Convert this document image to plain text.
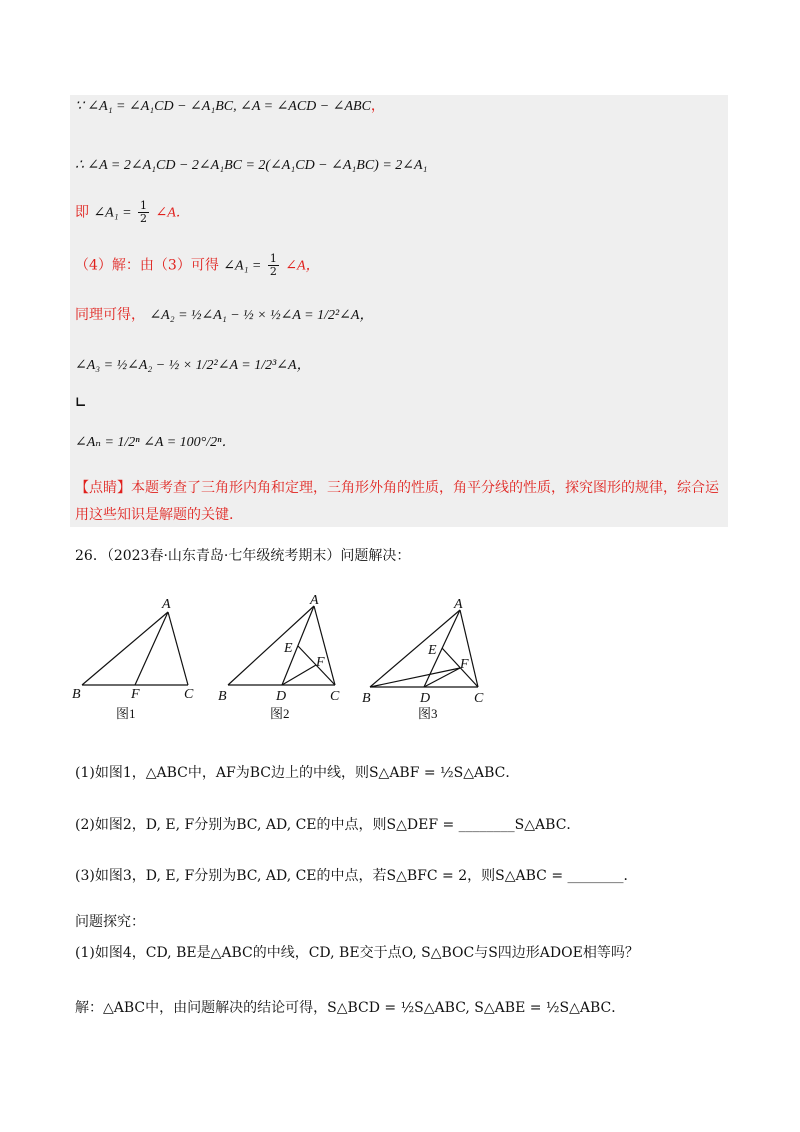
∵ ∠A₁ = ∠A₁CD − ∠A₁BC, ∠A = ∠ACD − ∠ABC，
∴ ∠A = 2∠A₁CD − 2∠A₁BC = 2(∠A₁CD − ∠A₁BC) = 2∠A₁
即 ∠A₁ = $\frac{1}{2}$ ∠A．
（4）解：由（3）可得 ∠A₁ = $\frac{1}{2}$ ∠A，
同理可得， ∠A₂ = ½∠A₁ − ½ × ½∠A = 1/2²∠A，
∠A₃ = ½∠A₂ − ½ × 1/2²∠A = 1/2³∠A，
∟
∠Aₙ = 1/2ⁿ ∠A = 100°/2ⁿ．
【点睛】本题考查了三角形内角和定理，三角形外角的性质，角平分线的性质，探究图形的规律，综合运
用这些知识是解题的关键.
26．（2023春·山东青岛·七年级统考期末）问题解决：
A
B	F	C
图1
A
E
F
B	D	C
图2
A
E
F
B	D	C
图3
(1)如图1，△ABC中，AF为BC边上的中线，则S△ABF = ½S△ABC．
(2)如图2，D, E, F分别为BC, AD, CE的中点，则S△DEF = ________S△ABC．
(3)如图3，D, E, F分别为BC, AD, CE的中点，若S△BFC = 2，则S△ABC = ________．
问题探究：
(1)如图4，CD, BE是△ABC的中线，CD, BE交于点O, S△BOC与S四边形ADOE相等吗？
解：△ABC中，由问题解决的结论可得，S△BCD = ½S△ABC, S△ABE = ½S△ABC．
